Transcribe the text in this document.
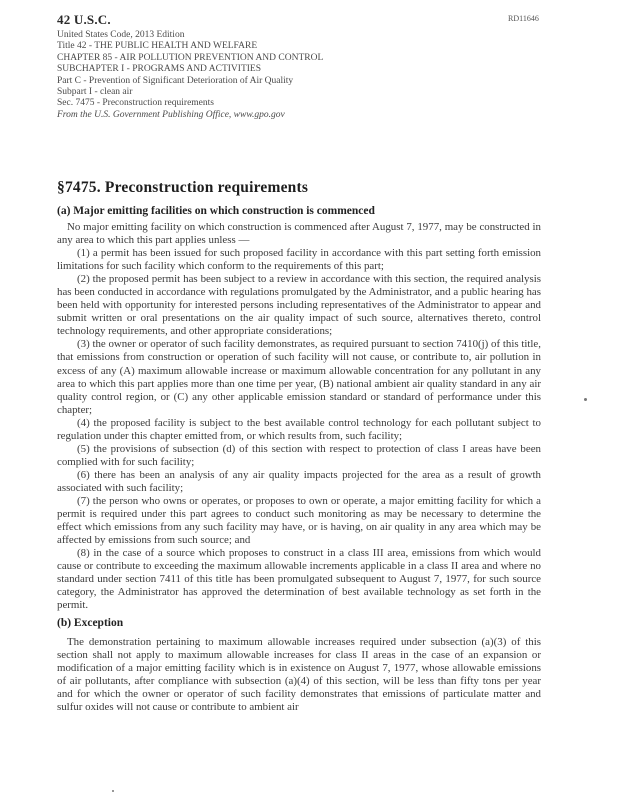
42 U.S.C.	RD11646
United States Code, 2013 Edition
Title 42 - THE PUBLIC HEALTH AND WELFARE
CHAPTER 85 - AIR POLLUTION PREVENTION AND CONTROL
SUBCHAPTER I - PROGRAMS AND ACTIVITIES
Part C - Prevention of Significant Deterioration of Air Quality
Subpart I - clean air
Sec. 7475 - Preconstruction requirements
From the U.S. Government Publishing Office, www.gpo.gov
§7475. Preconstruction requirements
(a) Major emitting facilities on which construction is commenced

No major emitting facility on which construction is commenced after August 7, 1977, may be constructed in any area to which this part applies unless —

(1) a permit has been issued for such proposed facility in accordance with this part setting forth emission limitations for such facility which conform to the requirements of this part;

(2) the proposed permit has been subject to a review in accordance with this section, the required analysis has been conducted in accordance with regulations promulgated by the Administrator, and a public hearing has been held with opportunity for interested persons including representatives of the Administrator to appear and submit written or oral presentations on the air quality impact of such source, alternatives thereto, control technology requirements, and other appropriate considerations;

(3) the owner or operator of such facility demonstrates, as required pursuant to section 7410(j) of this title, that emissions from construction or operation of such facility will not cause, or contribute to, air pollution in excess of any (A) maximum allowable increase or maximum allowable concentration for any pollutant in any area to which this part applies more than one time per year, (B) national ambient air quality standard in any air quality control region, or (C) any other applicable emission standard or standard of performance under this chapter;

(4) the proposed facility is subject to the best available control technology for each pollutant subject to regulation under this chapter emitted from, or which results from, such facility;

(5) the provisions of subsection (d) of this section with respect to protection of class I areas have been complied with for such facility;

(6) there has been an analysis of any air quality impacts projected for the area as a result of growth associated with such facility;

(7) the person who owns or operates, or proposes to own or operate, a major emitting facility for which a permit is required under this part agrees to conduct such monitoring as may be necessary to determine the effect which emissions from any such facility may have, or is having, on air quality in any area which may be affected by emissions from such source; and

(8) in the case of a source which proposes to construct in a class III area, emissions from which would cause or contribute to exceeding the maximum allowable increments applicable in a class II area and where no standard under section 7411 of this title has been promulgated subsequent to August 7, 1977, for such source category, the Administrator has approved the determination of best available technology as set forth in the permit.

(b) Exception

The demonstration pertaining to maximum allowable increases required under subsection (a)(3) of this section shall not apply to maximum allowable increases for class II areas in the case of an expansion or modification of a major emitting facility which is in existence on August 7, 1977, whose allowable emissions of air pollutants, after compliance with subsection (a)(4) of this section, will be less than fifty tons per year and for which the owner or operator of such facility demonstrates that emissions of particulate matter and sulfur oxides will not cause or contribute to ambient air
